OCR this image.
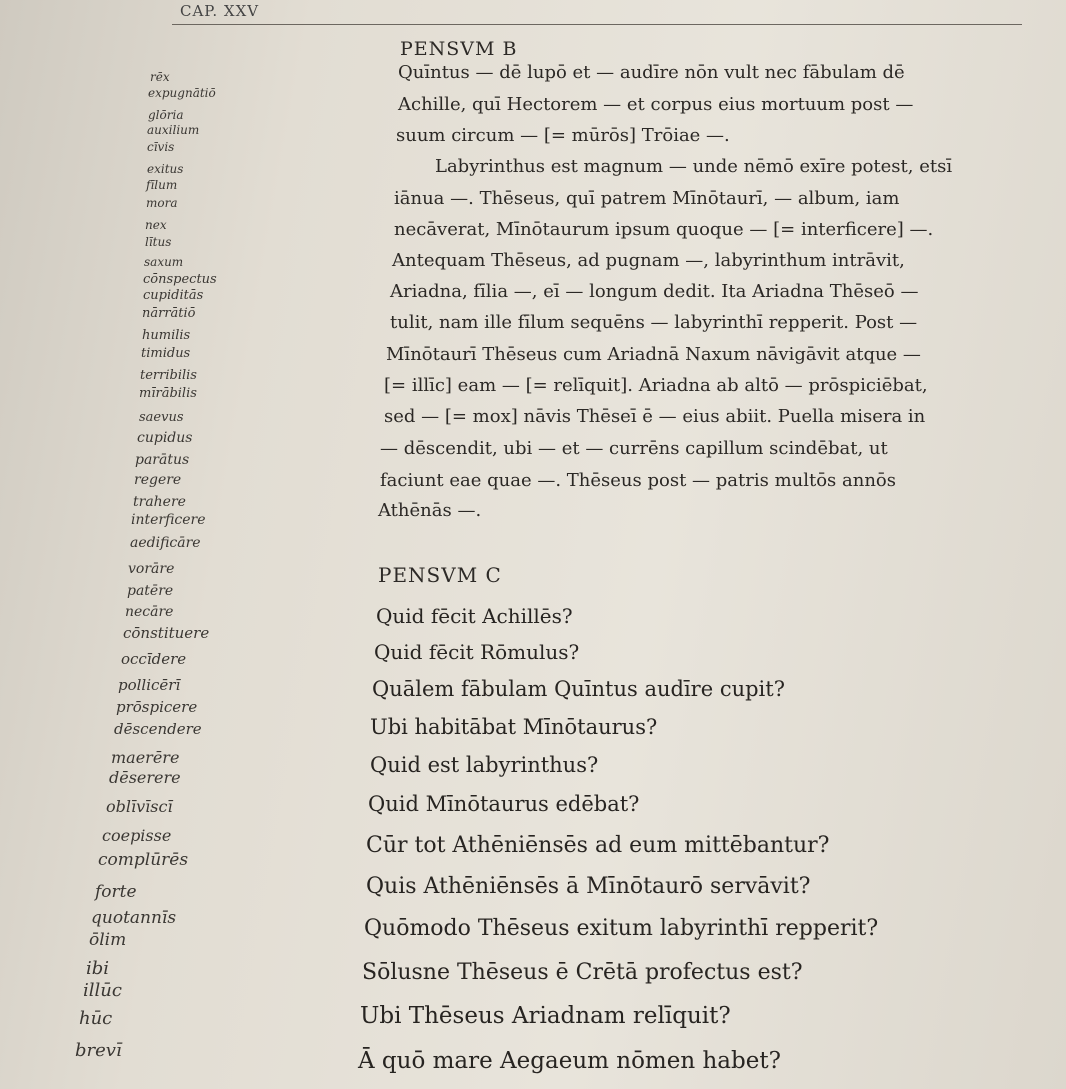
CAP. XXV
rēx
expugnātiō
glōria
auxilium
cīvis
exitus
fīlum
mora
nex
lītus
saxum
cōnspectus
cupiditās
nārrātiō
humilis
timidus
terribilis
mīrābilis
saevus
cupidus
parātus
regere
trahere
interficere
aedificāre
vorāre
patēre
necāre
cōnstituere
occīdere
pollicērī
prōspicere
dēscendere
maerēre
dēserere
oblīvīscī
coepisse
complūrēs
forte
quotannīs
ōlim
ibi
illūc
hūc
brevī
PENSVM B
Quīntus — dē lupō et — audīre nōn vult nec fābulam dē
Achille, quī Hectorem — et corpus eius mortuum post —
suum circum — [= mūrōs] Trōiae —.
Labyrinthus est magnum — unde nēmō exīre potest, etsī
iānua —. Thēseus, quī patrem Mīnōtaurī, — album, iam
necāverat, Mīnōtaurum ipsum quoque — [= interficere] —.
Antequam Thēseus, ad pugnam —, labyrinthum intrāvit,
Ariadna, fīlia —, eī — longum dedit. Ita Ariadna Thēseō —
tulit, nam ille fīlum sequēns — labyrinthī repperit. Post —
Mīnōtaurī Thēseus cum Ariadnā Naxum nāvigāvit atque —
[= illīc] eam — [= relīquit]. Ariadna ab altō — prōspiciēbat,
sed — [= mox] nāvis Thēseī ē — eius abiit. Puella misera in
— dēscendit, ubi — et — currēns capillum scindēbat, ut
faciunt eae quae —. Thēseus post — patris multōs annōs
Athēnās —.
PENSVM C
Quid fēcit Achillēs?
Quid fēcit Rōmulus?
Quālem fābulam Quīntus audīre cupit?
Ubi habitābat Mīnōtaurus?
Quid est labyrinthus?
Quid Mīnōtaurus edēbat?
Cūr tot Athēniēnsēs ad eum mittēbantur?
Quis Athēniēnsēs ā Mīnōtaurō servāvit?
Quōmodo Thēseus exitum labyrinthī repperit?
Sōlusne Thēseus ē Crētā profectus est?
Ubi Thēseus Ariadnam relīquit?
Ā quō mare Aegaeum nōmen habet?
